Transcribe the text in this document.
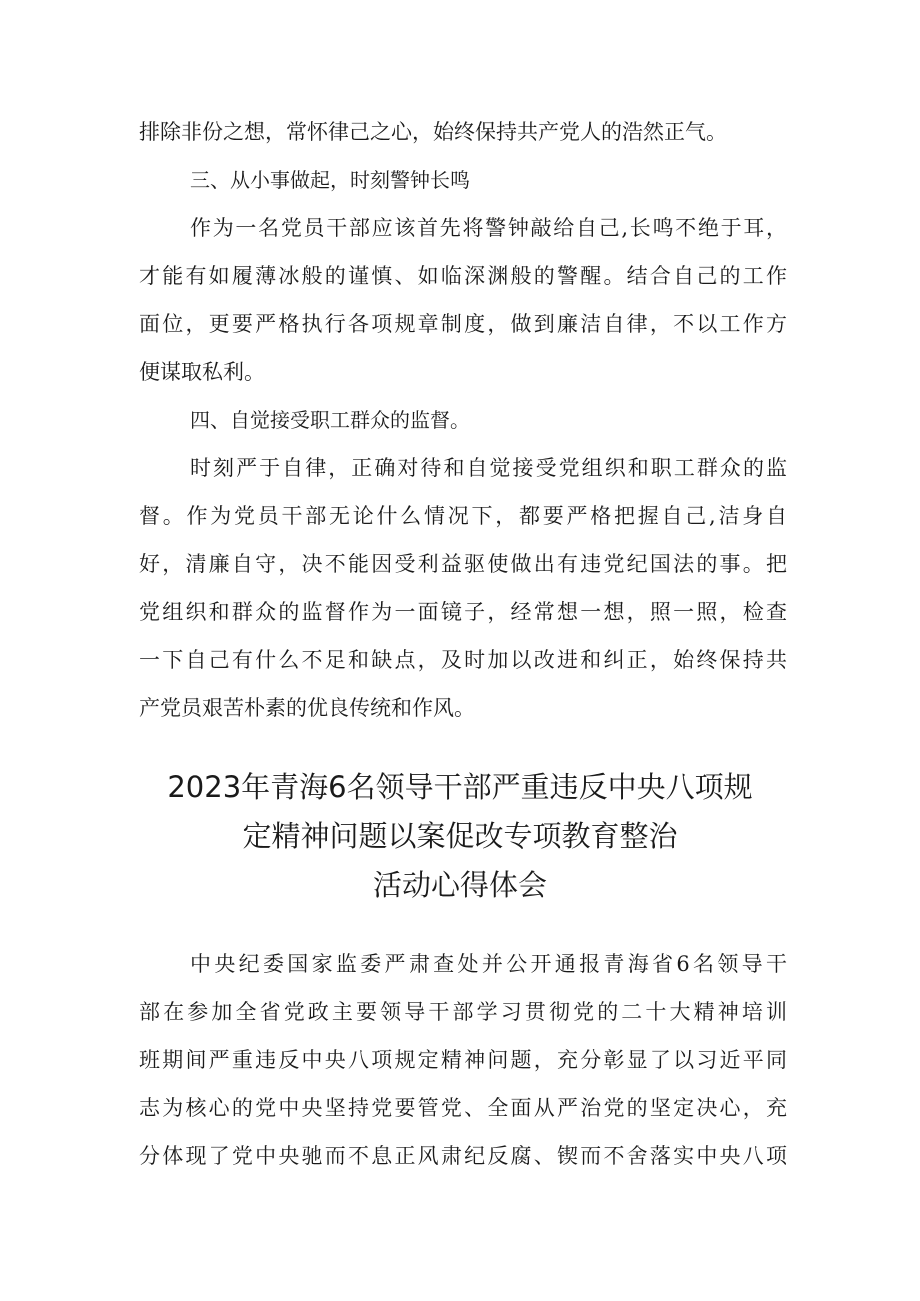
排除非份之想，常怀律己之心，始终保持共产党人的浩然正气。
三、从小事做起，时刻警钟长鸣
作为一名党员干部应该首先将警钟敲给自己,长鸣不绝于耳，
才能有如履薄冰般的谨慎、如临深渊般的警醒。结合自己的工作
面位，更要严格执行各项规章制度，做到廉洁自律，不以工作方
便谋取私利。
四、自觉接受职工群众的监督。
时刻严于自律，正确对待和自觉接受党组织和职工群众的监
督。作为党员干部无论什么情况下，都要严格把握自己,洁身自
好，清廉自守，决不能因受利益驱使做出有违党纪国法的事。把
党组织和群众的监督作为一面镜子，经常想一想，照一照，检查
一下自己有什么不足和缺点，及时加以改进和纠正，始终保持共
产党员艰苦朴素的优良传统和作风。
2023年青海6名领导干部严重违反中央八项规
定精神问题以案促改专项教育整治
活动心得体会
中央纪委国家监委严肃查处并公开通报青海省6名领导干
部在参加全省党政主要领导干部学习贯彻党的二十大精神培训
班期间严重违反中央八项规定精神问题，充分彰显了以习近平同
志为核心的党中央坚持党要管党、全面从严治党的坚定决心，充
分体现了党中央驰而不息正风肃纪反腐、锲而不舍落实中央八项
